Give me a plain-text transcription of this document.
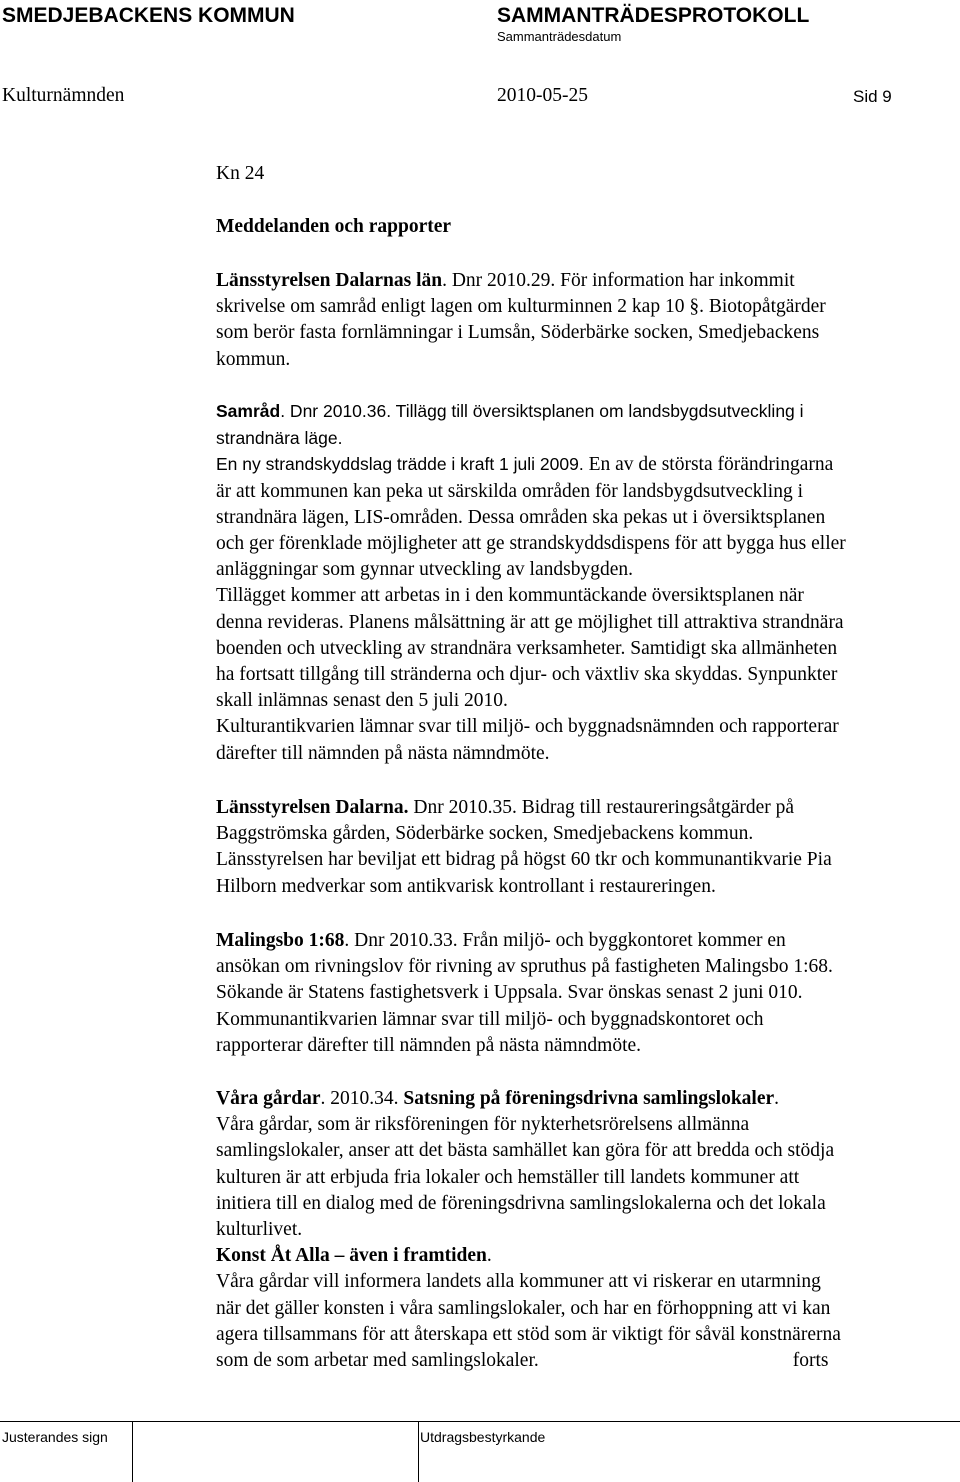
SMEDJEBACKENS KOMMUN	SAMMANTRÄDESPROTOKOLL
Sammanträdesdatum
Kulturnämnden	2010-05-25	Sid 9
Kn 24
Meddelanden och rapporter
Länsstyrelsen Dalarnas län. Dnr 2010.29. För information har inkommit
skrivelse om samråd enligt lagen om kulturminnen 2 kap 10 §. Biotopåtgärder
som berör fasta fornlämningar i Lumsån, Söderbärke socken, Smedjebackens
kommun.
Samråd. Dnr 2010.36. Tillägg till översiktsplanen om landsbygdsutveckling i
strandnära läge.
En ny strandskyddslag trädde i kraft 1 juli 2009. En av de största förändringarna
är att kommunen kan peka ut särskilda områden för landsbygdsutveckling i
strandnära lägen, LIS-områden. Dessa områden ska pekas ut i översiktsplanen
och ger förenklade möjligheter att ge strandskyddsdispens för att bygga hus eller
anläggningar som gynnar utveckling av landsbygden.
Tillägget kommer att arbetas in i den kommuntäckande översiktsplanen när
denna revideras. Planens målsättning är att ge möjlighet till attraktiva strandnära
boenden och utveckling av strandnära verksamheter. Samtidigt ska allmänheten
ha fortsatt tillgång till stränderna och djur- och växtliv ska skyddas. Synpunkter
skall inlämnas senast den 5 juli 2010.
Kulturantikvarien lämnar svar till miljö- och byggnadsnämnden och rapporterar
därefter till nämnden på nästa nämndmöte.
Länsstyrelsen Dalarna. Dnr 2010.35. Bidrag till restaureringsåtgärder på
Baggströmska gården, Söderbärke socken, Smedjebackens kommun.
Länsstyrelsen har beviljat ett bidrag på högst 60 tkr och kommunantikvarie Pia
Hilborn medverkar som antikvarisk kontrollant i restaureringen.
Malingsbo 1:68. Dnr 2010.33. Från miljö- och byggkontoret kommer en
ansökan om rivningslov för rivning av spruthus på fastigheten Malingsbo 1:68.
Sökande är Statens fastighetsverk i Uppsala. Svar önskas senast 2 juni 010.
Kommunantikvarien lämnar svar till miljö- och byggnadskontoret och
rapporterar därefter till nämnden på nästa nämndmöte.
Våra gårdar. 2010.34. Satsning på föreningsdrivna samlingslokaler.
Våra gårdar, som är riksföreningen för nykterhetsrörelsens allmänna
samlingslokaler, anser att det bästa samhället kan göra för att bredda och stödja
kulturen är att erbjuda fria lokaler och hemställer till landets kommuner att
initiera till en dialog med de föreningsdrivna samlingslokalerna och det lokala
kulturlivet.
Konst Åt Alla – även i framtiden.
Våra gårdar vill informera landets alla kommuner att vi riskerar en utarmning
när det gäller konsten i våra samlingslokaler, och har en förhoppning att vi kan
agera tillsammans för att återskapa ett stöd som är viktigt för såväl konstnärerna
som de som arbetar med samlingslokaler.	forts
Justerandes sign	Utdragsbestyrkande
